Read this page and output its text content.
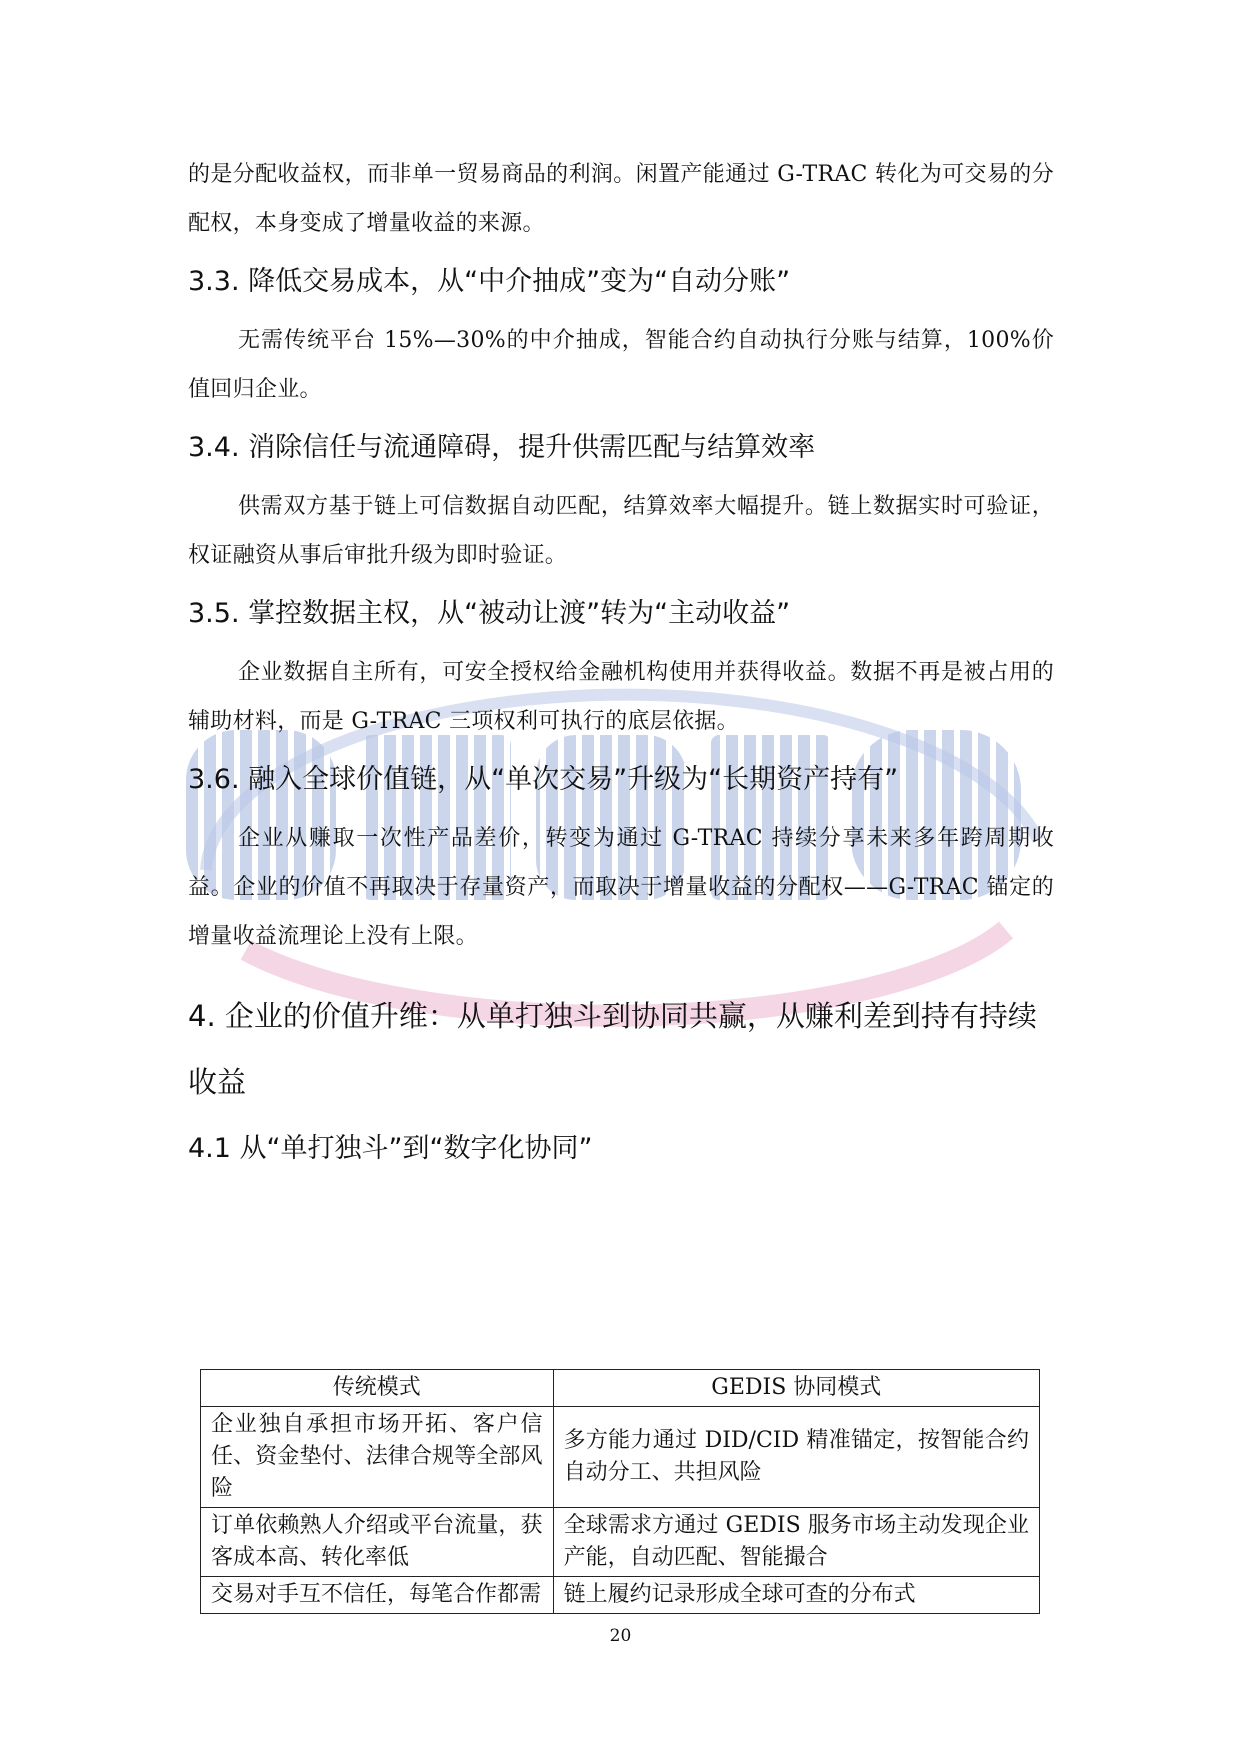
的是分配收益权，而非单一贸易商品的利润。闲置产能通过 G-TRAC 转化为可交易的分配权，本身变成了增量收益的来源。

3.3. 降低交易成本，从“中介抽成”变为“自动分账”

无需传统平台 15%—30%的中介抽成，智能合约自动执行分账与结算，100%价值回归企业。

3.4. 消除信任与流通障碍，提升供需匹配与结算效率

供需双方基于链上可信数据自动匹配，结算效率大幅提升。链上数据实时可验证，权证融资从事后审批升级为即时验证。

3.5. 掌控数据主权，从“被动让渡”转为“主动收益”

企业数据自主所有，可安全授权给金融机构使用并获得收益。数据不再是被占用的辅助材料，而是 G-TRAC 三项权利可执行的底层依据。

3.6. 融入全球价值链，从“单次交易”升级为“长期资产持有”

企业从赚取一次性产品差价，转变为通过 G-TRAC 持续分享未来多年跨周期收益。企业的价值不再取决于存量资产，而取决于增量收益的分配权——G-TRAC 锚定的增量收益流理论上没有上限。

4. 企业的价值升维：从单打独斗到协同共赢，从赚利差到持有持续收益
4.1 从“单打独斗”到“数字化协同”
传统模式	GEDIS 协同模式
企业独自承担市场开拓、客户信任、资金垫付、法律合规等全部风险	多方能力通过 DID/CID 精准锚定，按智能合约自动分工、共担风险
订单依赖熟人介绍或平台流量，获客成本高、转化率低	全球需求方通过 GEDIS 服务市场主动发现企业产能，自动匹配、智能撮合
交易对手互不信任，每笔合作都需	链上履约记录形成全球可查的分布式
20
